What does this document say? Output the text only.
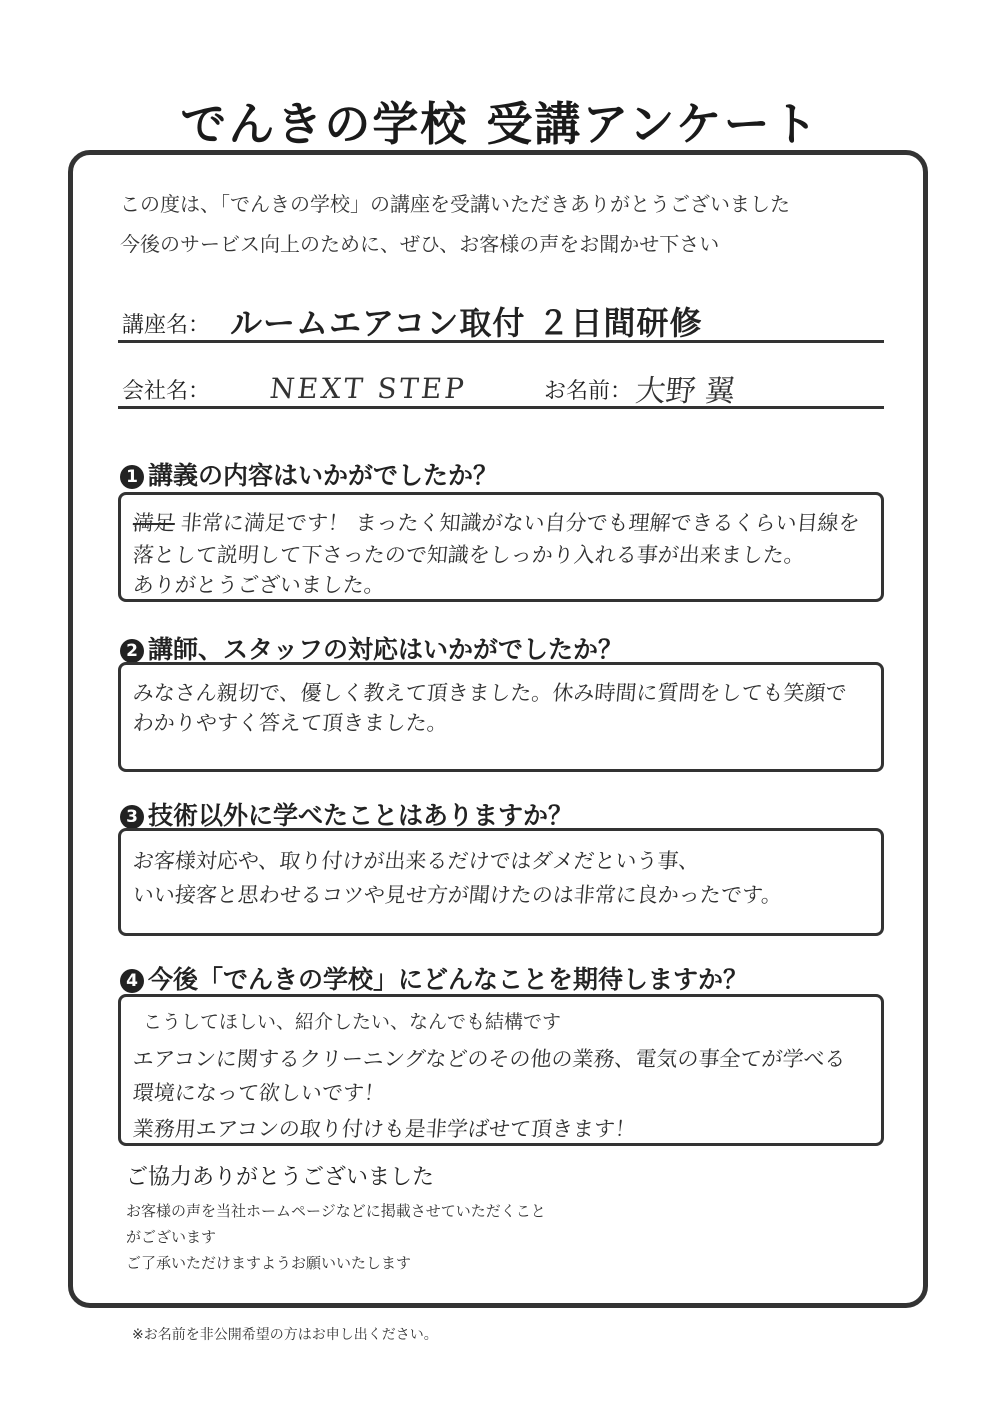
でんきの学校 受講アンケート
この度は、「でんきの学校」の講座を受講いただきありがとうございました
今後のサービス向上のために、ぜひ、お客様の声をお聞かせ下さい
講座名： ルームエアコン取付 ２日間研修
会社名： NEXT STEP	お名前： 大野 翼
1 講義の内容はいかがでしたか？
満足 非常に満足です！ まったく知識がない自分でも理解できるくらい目線を
落として説明して下さったので知識をしっかり入れる事が出来ました。
ありがとうございました。
2 講師、スタッフの対応はいかがでしたか？
みなさん親切で、優しく教えて頂きました。休み時間に質問をしても笑顔で
わかりやすく答えて頂きました。
3 技術以外に学べたことはありますか？
お客様対応や、取り付けが出来るだけではダメだという事、
いい接客と思わせるコツや見せ方が聞けたのは非常に良かったです。
4 今後「でんきの学校」にどんなことを期待しますか？
こうしてほしい、紹介したい、なんでも結構です
エアコンに関するクリーニングなどのその他の業務、電気の事全てが学べる
環境になって欲しいです！
業務用エアコンの取り付けも是非学ばせて頂きます！
ご協力ありがとうございました
お客様の声を当社ホームページなどに掲載させていただくこと
がございます
ご了承いただけますようお願いいたします
※お名前を非公開希望の方はお申し出ください。
